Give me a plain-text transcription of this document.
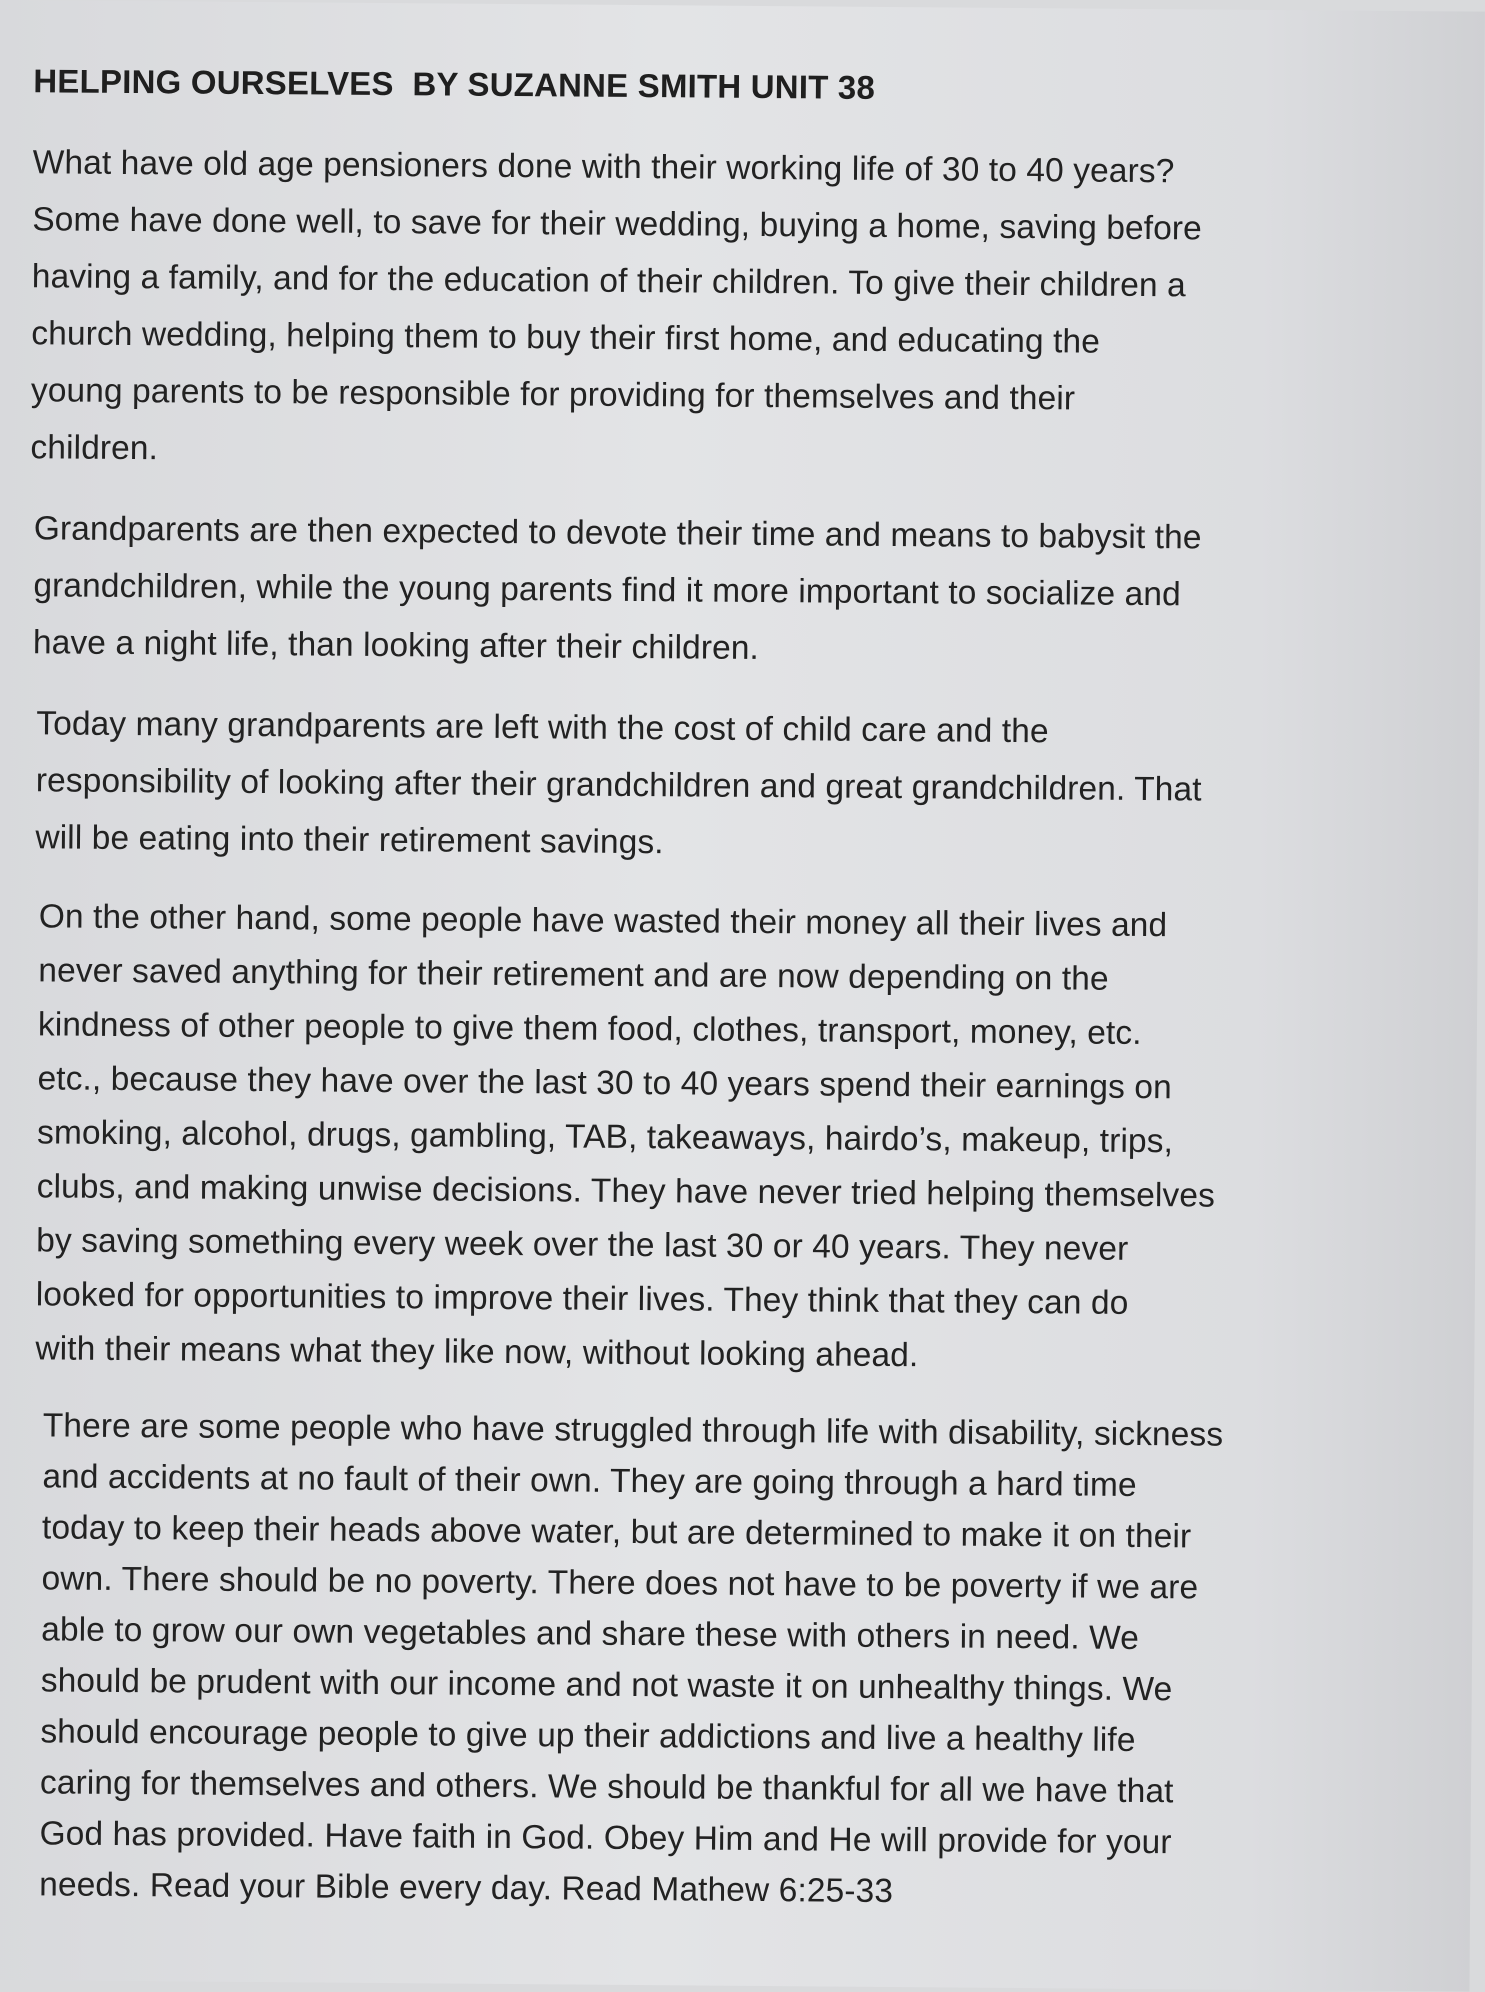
HELPING OURSELVES  BY SUZANNE SMITH UNIT 38
What have old age pensioners done with their working life of 30 to 40 years?
Some have done well, to save for their wedding, buying a home, saving before
having a family, and for the education of their children. To give their children a
church wedding, helping them to buy their first home, and educating the
young parents to be responsible for providing for themselves and their
children.
Grandparents are then expected to devote their time and means to babysit the
grandchildren, while the young parents find it more important to socialize and
have a night life, than looking after their children.
Today many grandparents are left with the cost of child care and the
responsibility of looking after their grandchildren and great grandchildren. That
will be eating into their retirement savings.
On the other hand, some people have wasted their money all their lives and
never saved anything for their retirement and are now depending on the
kindness of other people to give them food, clothes, transport, money, etc.
etc., because they have over the last 30 to 40 years spend their earnings on
smoking, alcohol, drugs, gambling, TAB, takeaways, hairdo’s, makeup, trips,
clubs, and making unwise decisions. They have never tried helping themselves
by saving something every week over the last 30 or 40 years. They never
looked for opportunities to improve their lives. They think that they can do
with their means what they like now, without looking ahead.
There are some people who have struggled through life with disability, sickness
and accidents at no fault of their own. They are going through a hard time
today to keep their heads above water, but are determined to make it on their
own. There should be no poverty. There does not have to be poverty if we are
able to grow our own vegetables and share these with others in need. We
should be prudent with our income and not waste it on unhealthy things. We
should encourage people to give up their addictions and live a healthy life
caring for themselves and others. We should be thankful for all we have that
God has provided. Have faith in God. Obey Him and He will provide for your
needs. Read your Bible every day. Read Mathew 6:25-33
